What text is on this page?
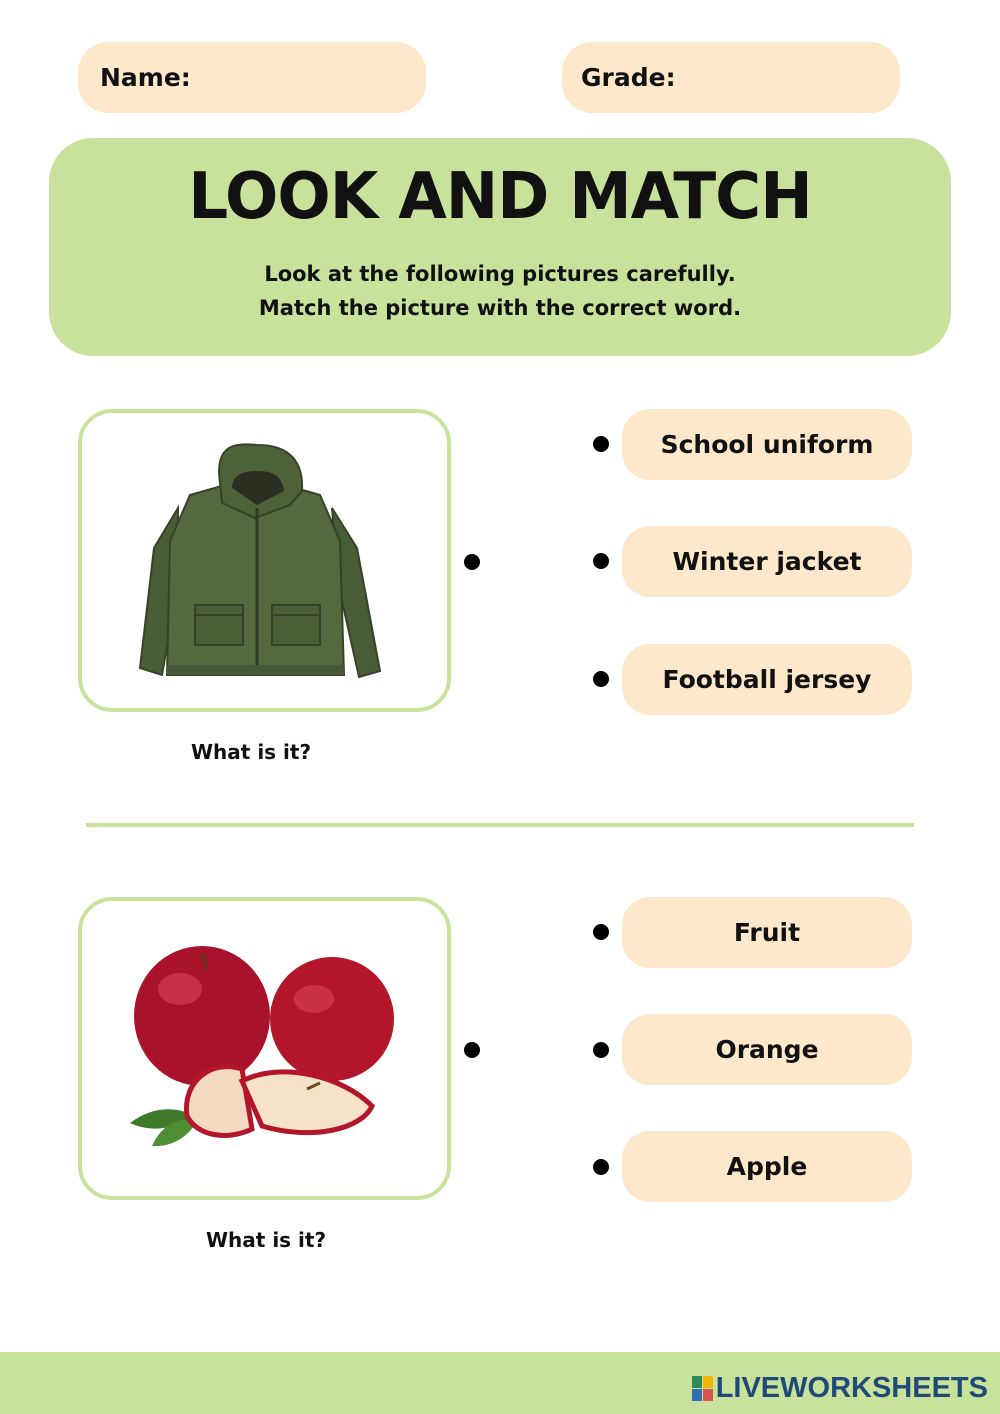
Name:	Grade:
LOOK AND MATCH
Look at the following pictures carefully.
Match the picture with the correct word.
What is it?
School uniform
Winter jacket
Football jersey
What is it?
Fruit
Orange
Apple
LIVEWORKSHEETS
